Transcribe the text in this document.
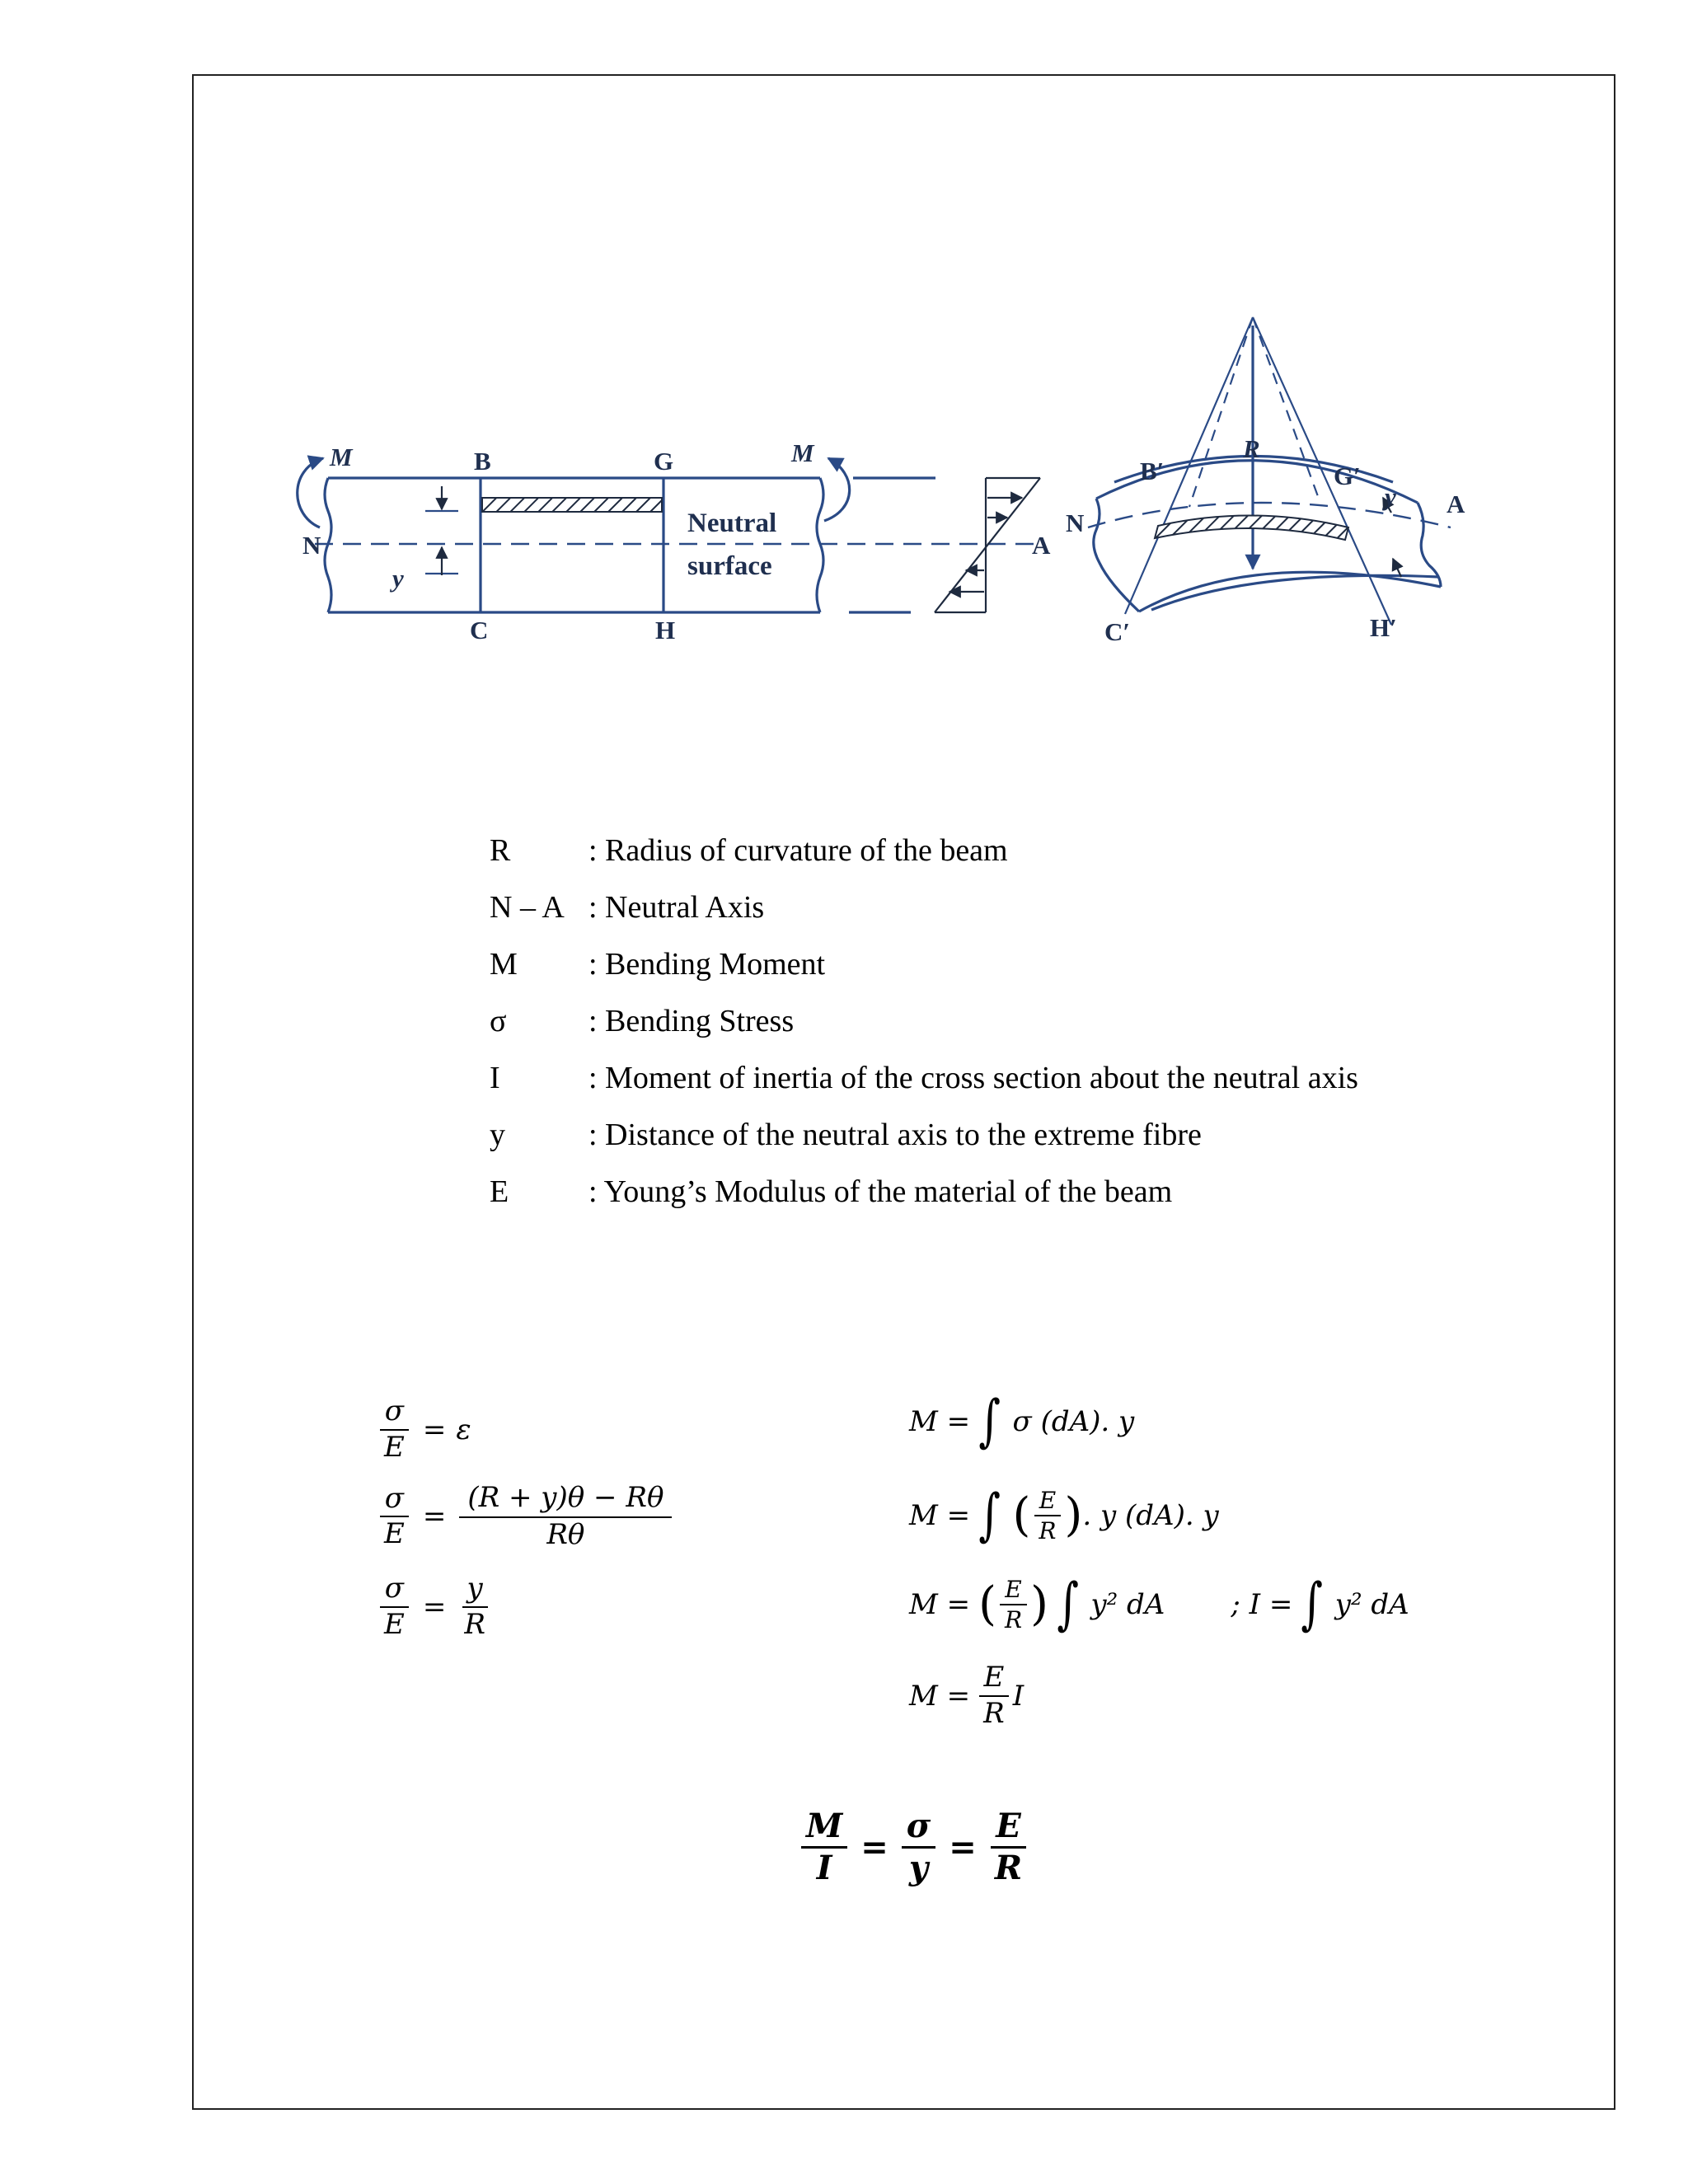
M	B	G	M
N
y
C	H
Neutral
surface
A
R
B′	G′
N
A
y
C′	H′
R : Radius of curvature of the beam
N – A : Neutral Axis
M : Bending Moment
σ	: Bending Stress
I	: Moment of inertia of the cross section about the neutral axis
y	: Distance of the neutral axis to the extreme fibre
E	: Young’s Modulus of the material of the beam
$\frac{\sigma}{E} = \varepsilon$
$\frac{\sigma}{E} = \frac{(R + y)\theta - R\theta}{R\theta}$
$\frac{\sigma}{E} = \frac{y}{R}$
M = ∫ σ (dA). y
M = ∫ ( $\frac{E}{R}$ ) . y (dA). y
M = ( $\frac{E}{R}$ ) ∫ y² dA ; I = ∫ y² dA
$M = \frac{E}{R}$ I
$\frac{M}{I} = \frac{\sigma}{y} = \frac{E}{R}$
